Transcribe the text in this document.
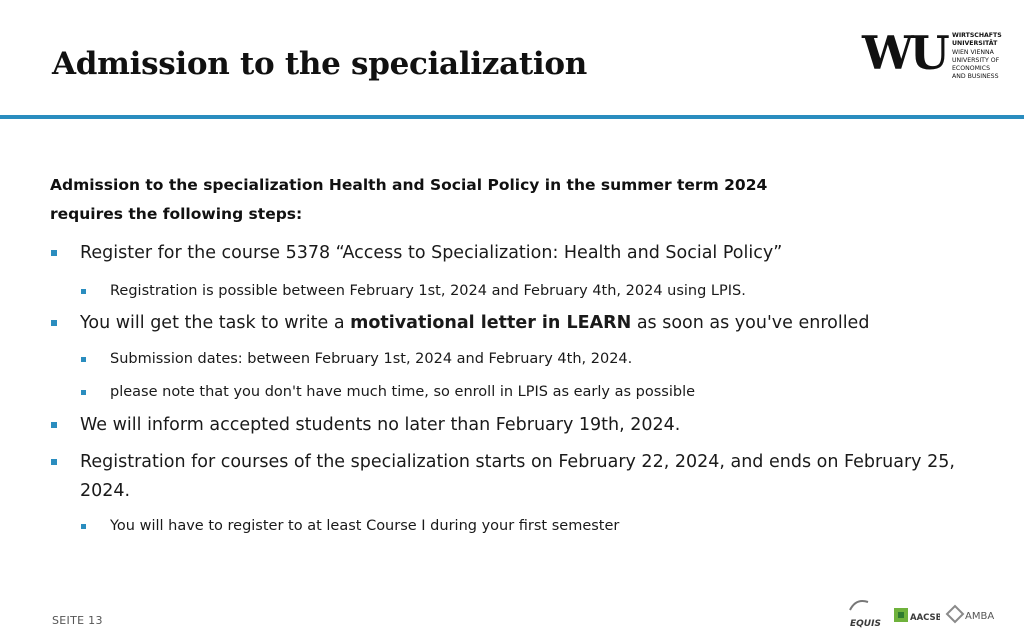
Admission to the specialization	WU WIRTSCHAFTS
UNIVERSITÄT
WIEN VIENNA
UNIVERSITY OF
ECONOMICS
AND BUSINESS
Admission to the specialization Health and Social Policy in the summer term 2024
requires the following steps:
Register for the course 5378 “Access to Specialization: Health and Social Policy”
Registration is possible between February 1st, 2024 and February 4th, 2024 using LPIS.
You will get the task to write a motivational letter in LEARN as soon as you've enrolled
Submission dates: between February 1st, 2024 and February 4th, 2024.
please note that you don't have much time, so enroll in LPIS as early as possible
We will inform accepted students no later than February 19th, 2024.
Registration for courses of the specialization starts on February 22, 2024, and ends on February 25, 2024.
You will have to register to at least Course I during your first semester
SEITE 13	EQUIS
AACSB AMBA
